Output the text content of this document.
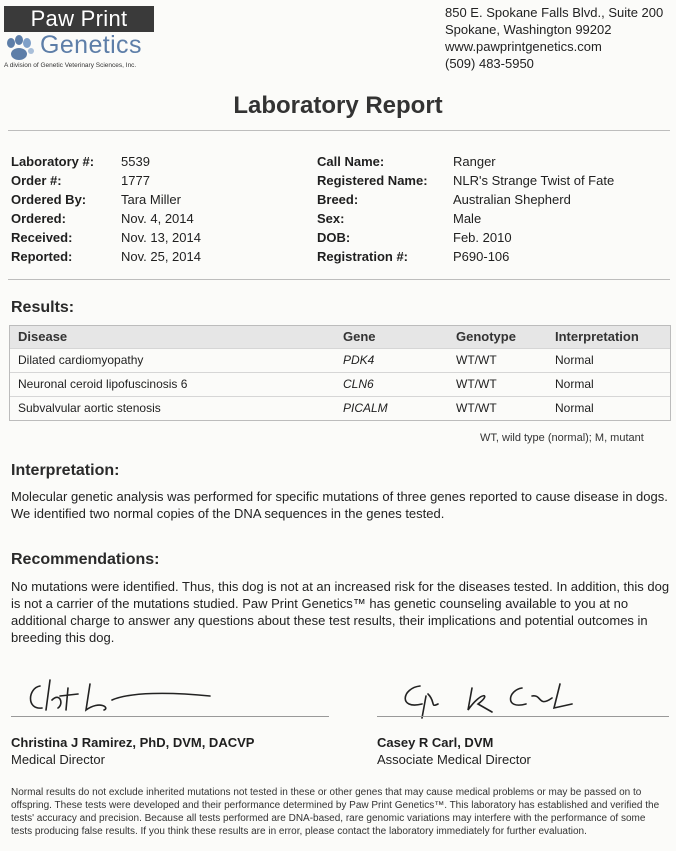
Paw Print
Genetics
A division of Genetic Veterinary Sciences, Inc.
850 E. Spokane Falls Blvd., Suite 200
Spokane, Washington 99202
www.pawprintgenetics.com
(509) 483-5950
Laboratory Report
Laboratory #: 5539
Order #:	1777
Ordered By:	Tara Miller
Ordered:	Nov. 4, 2014
Received:	Nov. 13, 2014
Reported:	Nov. 25, 2014
Call Name:	Ranger
Registered Name: NLR's Strange Twist of Fate
Breed:	Australian Shepherd
Sex:	Male
DOB:	Feb. 2010
Registration #:	P690-106
Results:
Disease	Gene	Genotype	Interpretation
Dilated cardiomyopathy	PDK4	WT/WT	Normal
Neuronal ceroid lipofuscinosis 6	CLN6	WT/WT	Normal
Subvalvular aortic stenosis	PICALM	WT/WT	Normal
WT, wild type (normal); M, mutant
Interpretation:
Molecular genetic analysis was performed for specific mutations of three genes reported to cause disease in dogs. We identified two normal copies of the DNA sequences in the genes tested.
Recommendations:
No mutations were identified. Thus, this dog is not at an increased risk for the diseases tested. In addition, this dog is not a carrier of the mutations studied. Paw Print Genetics™ has genetic counseling available to you at no additional charge to answer any questions about these test results, their implications and potential outcomes in breeding this dog.
Christina J Ramirez, PhD, DVM, DACVP
Medical Director
Casey R Carl, DVM
Associate Medical Director
Normal results do not exclude inherited mutations not tested in these or other genes that may cause medical problems or may be passed on to offspring. These tests were developed and their performance determined by Paw Print Genetics™. This laboratory has established and verified the tests' accuracy and precision. Because all tests performed are DNA-based, rare genomic variations may interfere with the performance of some tests producing false results. If you think these results are in error, please contact the laboratory immediately for further evaluation.
